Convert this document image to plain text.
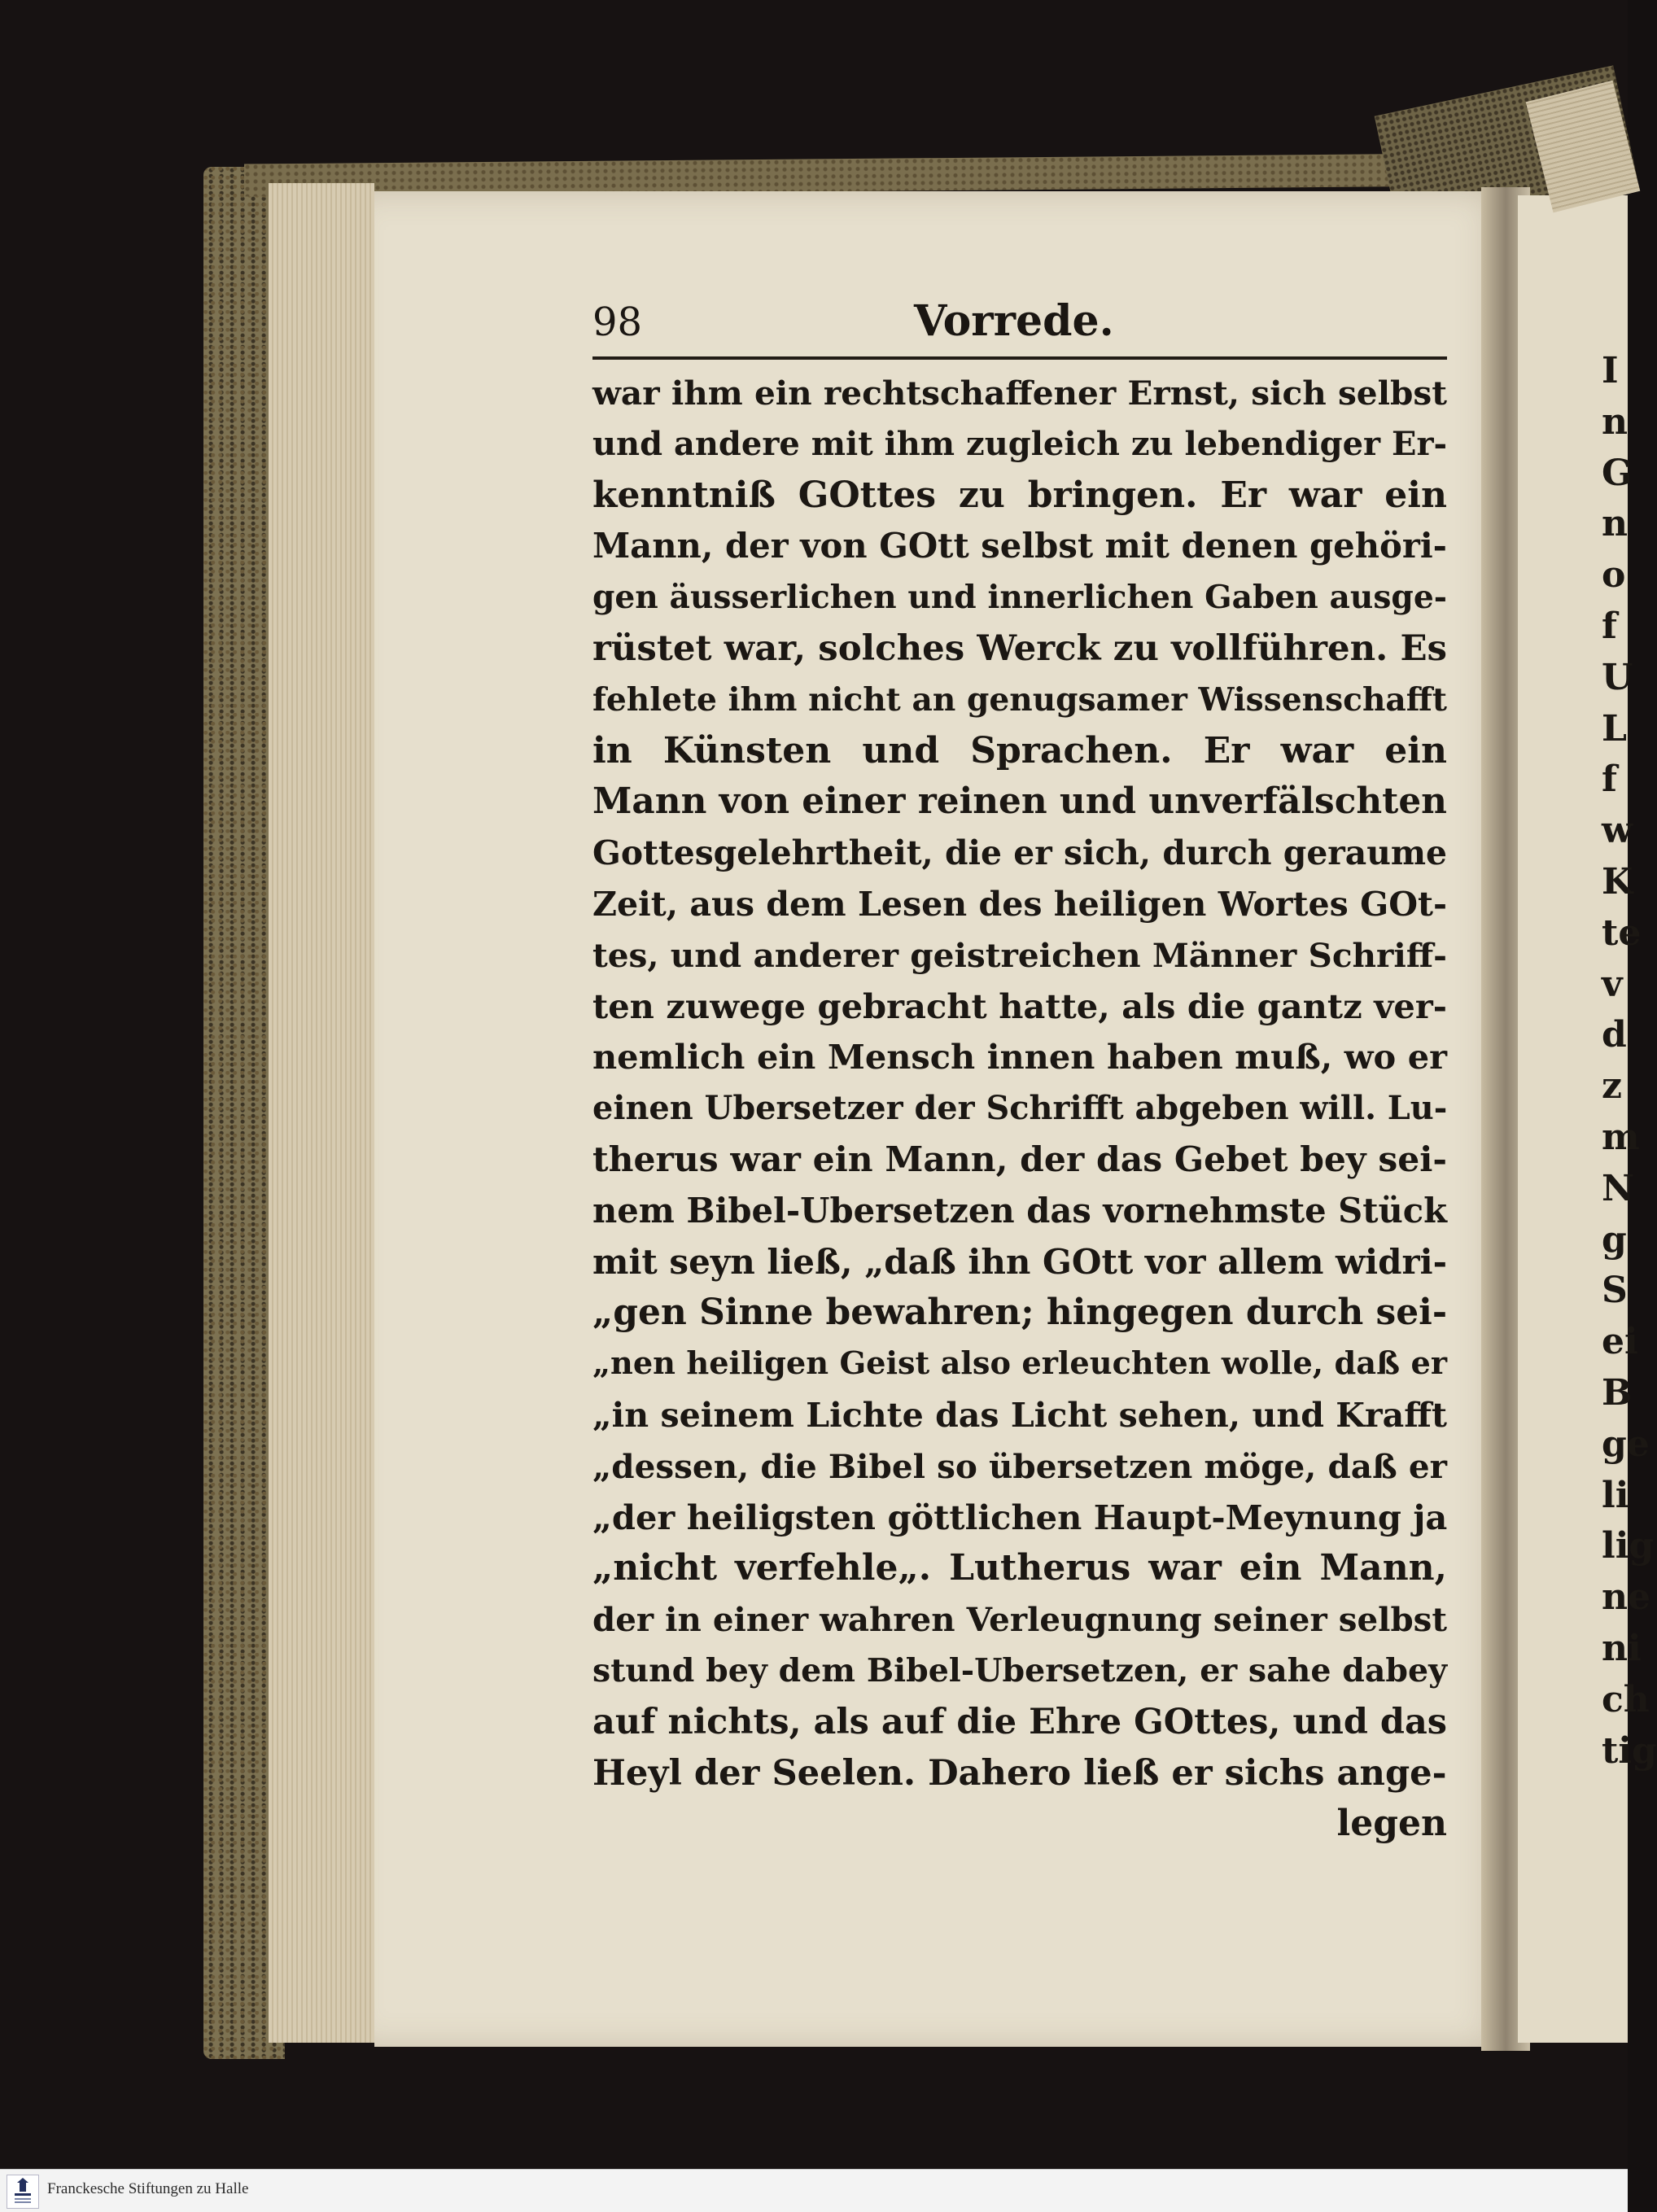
98	Vorrede.
war ihm ein rechtschaffener Ernst, sich selbst
und andere mit ihm zugleich zu lebendiger Er-
kenntniß GOttes zu bringen. Er war ein
Mann, der von GOtt selbst mit denen gehöri-
gen äusserlichen und innerlichen Gaben ausge-
rüstet war, solches Werck zu vollführen. Es
fehlete ihm nicht an genugsamer Wissenschafft
in Künsten und Sprachen. Er war ein
Mann von einer reinen und unverfälschten
Gottesgelehrtheit, die er sich, durch geraume
Zeit, aus dem Lesen des heiligen Wortes GOt-
tes, und anderer geistreichen Männer Schriff-
ten zuwege gebracht hatte, als die gantz ver-
nemlich ein Mensch innen haben muß, wo er
einen Ubersetzer der Schrifft abgeben will. Lu-
therus war ein Mann, der das Gebet bey sei-
nem Bibel-Ubersetzen das vornehmste Stück
mit seyn ließ, „daß ihn GOtt vor allem widri-
„gen Sinne bewahren; hingegen durch sei-
„nen heiligen Geist also erleuchten wolle, daß er
„in seinem Lichte das Licht sehen, und Krafft
„dessen, die Bibel so übersetzen möge, daß er
„der heiligsten göttlichen Haupt-Meynung ja
„nicht verfehle„. Lutherus war ein Mann,
der in einer wahren Verleugnung seiner selbst
stund bey dem Bibel-Ubersetzen, er sahe dabey
auf nichts, als auf die Ehre GOttes, und das
Heyl der Seelen. Dahero ließ er sichs ange-
legen
I
n
G
n
o
f
U
L
f
w
K
te
v
d
z
m
N
g
S
ei
B
ge
li
lig
ne
ni
ch
tig
Franckesche Stiftungen zu Halle
